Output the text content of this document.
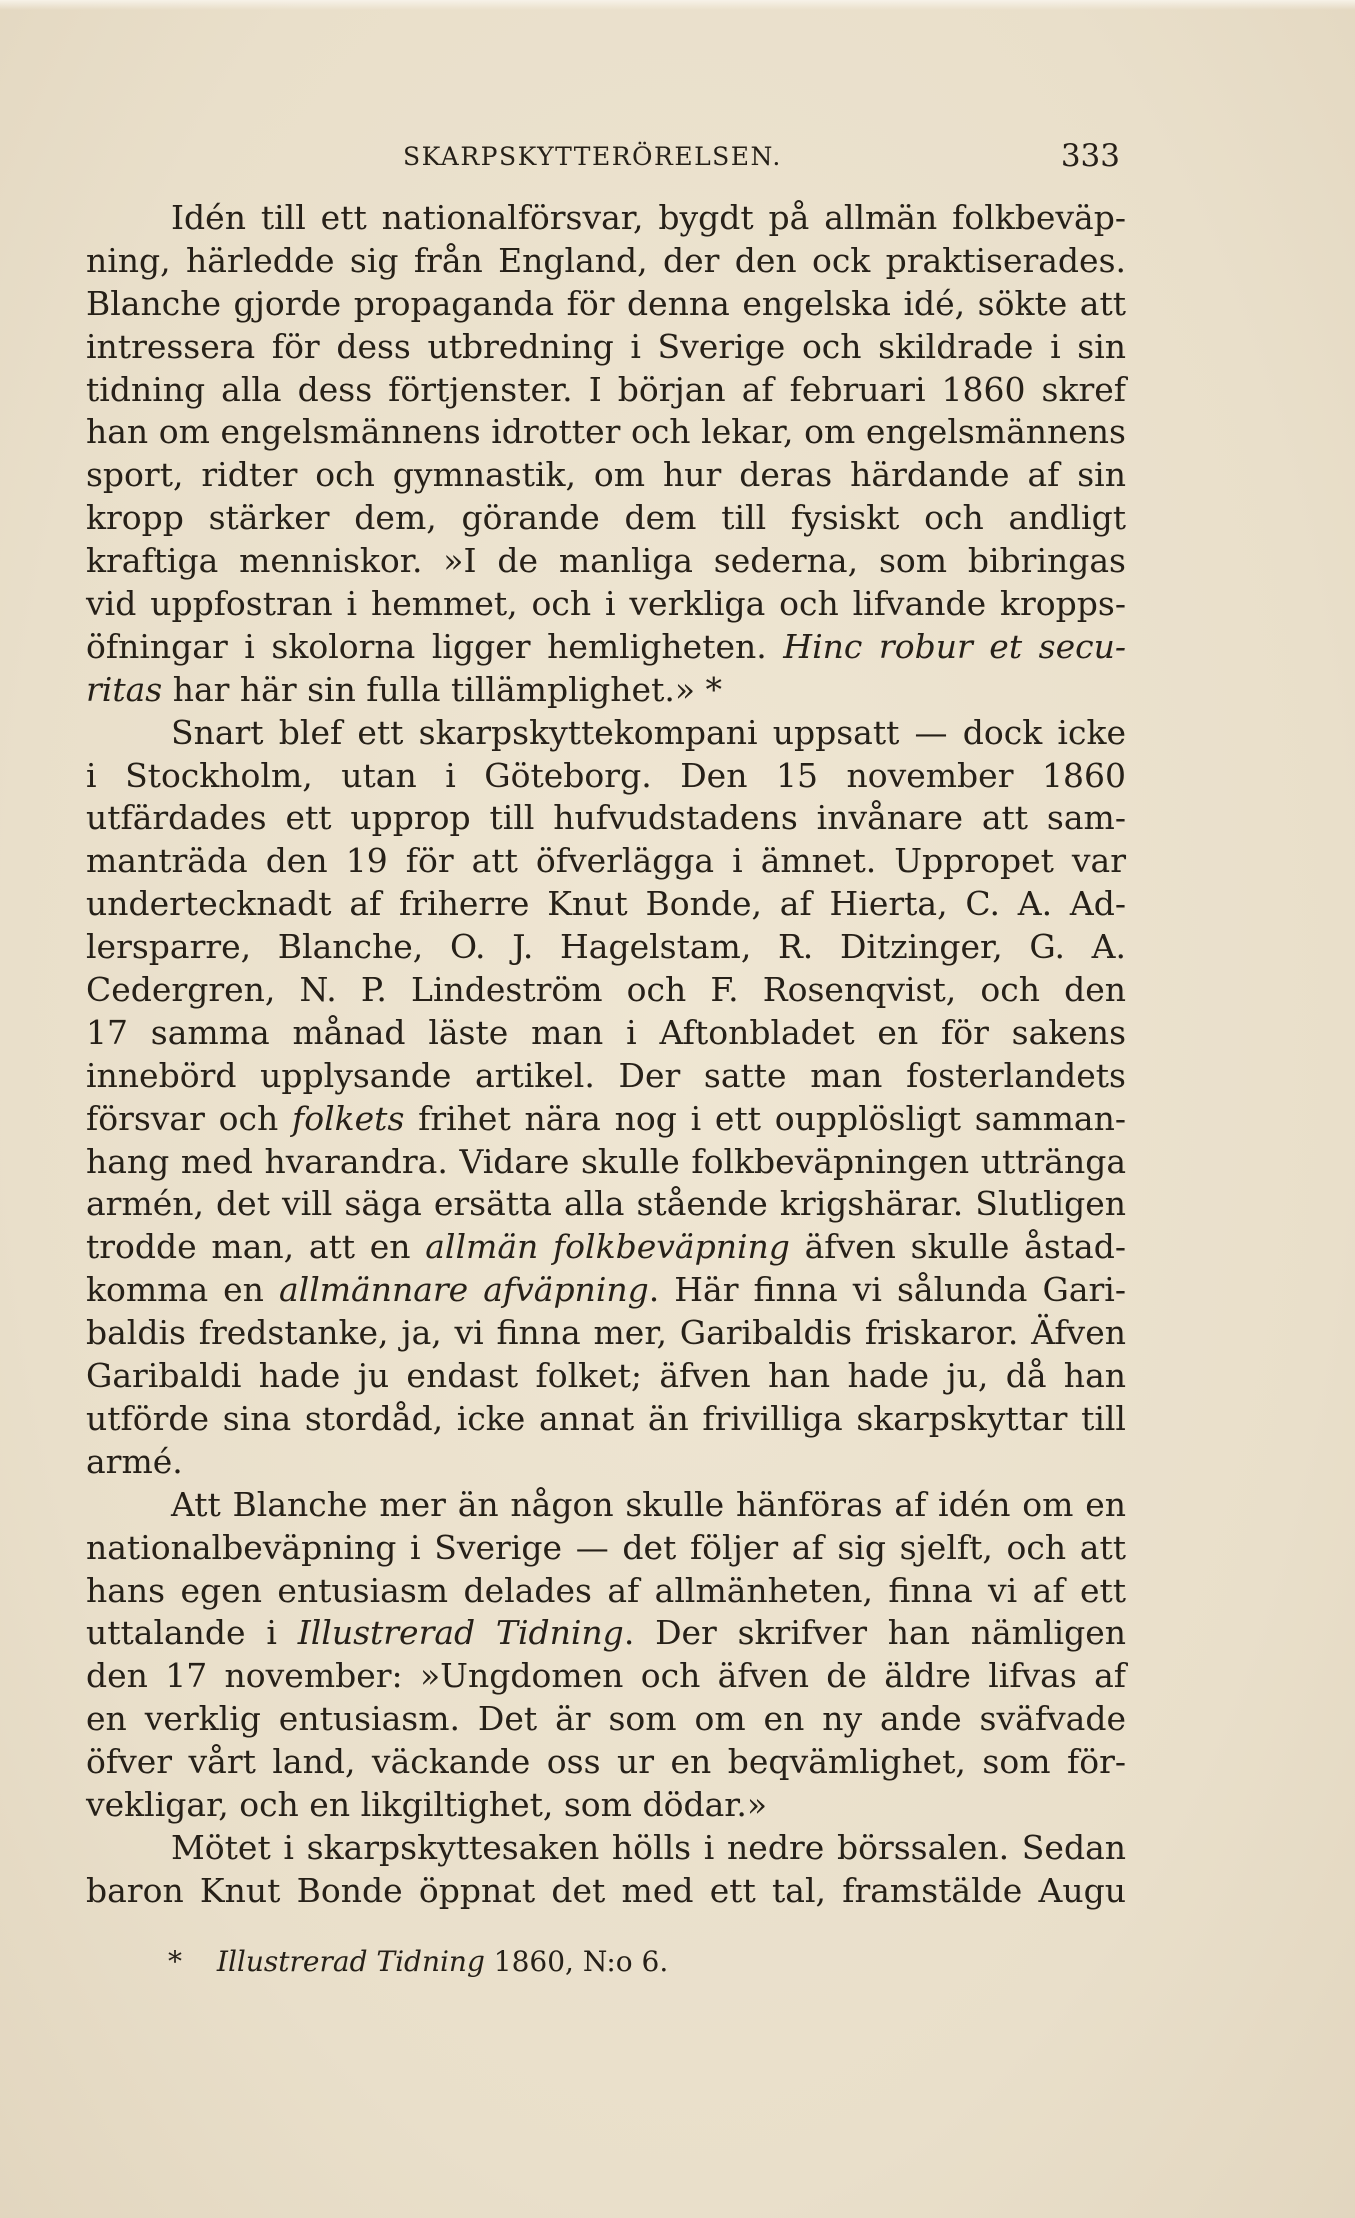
SKARPSKYTTERÖRELSEN.	333
Idén till ett nationalförsvar, bygdt på allmän folkbeväp-
ning, härledde sig från England, der den ock praktiserades.
Blanche gjorde propaganda för denna engelska idé, sökte att
intressera för dess utbredning i Sverige och skildrade i sin
tidning alla dess förtjenster. I början af februari 1860 skref
han om engelsmännens idrotter och lekar, om engelsmännens
sport, ridter och gymnastik, om hur deras härdande af sin
kropp stärker dem, görande dem till fysiskt och andligt
kraftiga menniskor. »I de manliga sederna, som bibringas
vid uppfostran i hemmet, och i verkliga och lifvande kropps-
öfningar i skolorna ligger hemligheten. Hinc robur et secu-
ritas har här sin fulla tillämplighet.» *
Snart blef ett skarpskyttekompani uppsatt — dock icke
i Stockholm, utan i Göteborg. Den 15 november 1860
utfärdades ett upprop till hufvudstadens invånare att sam-
manträda den 19 för att öfverlägga i ämnet. Uppropet var
undertecknadt af friherre Knut Bonde, af Hierta, C. A. Ad-
lersparre, Blanche, O. J. Hagelstam, R. Ditzinger, G. A.
Cedergren, N. P. Lindeström och F. Rosenqvist, och den
17 samma månad läste man i Aftonbladet en för sakens
innebörd upplysande artikel. Der satte man fosterlandets
försvar och folkets frihet nära nog i ett oupplösligt samman-
hang med hvarandra. Vidare skulle folkbeväpningen uttränga
armén, det vill säga ersätta alla stående krigshärar. Slutligen
trodde man, att en allmän folkbeväpning äfven skulle åstad-
komma en allmännare afväpning. Här finna vi sålunda Gari-
baldis fredstanke, ja, vi finna mer, Garibaldis friskaror. Äfven
Garibaldi hade ju endast folket; äfven han hade ju, då han
utförde sina stordåd, icke annat än frivilliga skarpskyttar till
armé.
Att Blanche mer än någon skulle hänföras af idén om en
nationalbeväpning i Sverige — det följer af sig sjelft, och att
hans egen entusiasm delades af allmänheten, finna vi af ett
uttalande i Illustrerad Tidning. Der skrifver han nämligen
den 17 november: »Ungdomen och äfven de äldre lifvas af
en verklig entusiasm. Det är som om en ny ande sväfvade
öfver vårt land, väckande oss ur en beqvämlighet, som för-
vekligar, och en likgiltighet, som dödar.»
Mötet i skarpskyttesaken hölls i nedre börssalen. Sedan
baron Knut Bonde öppnat det med ett tal, framstälde Augu
* Illustrerad Tidning 1860, N:o 6.
